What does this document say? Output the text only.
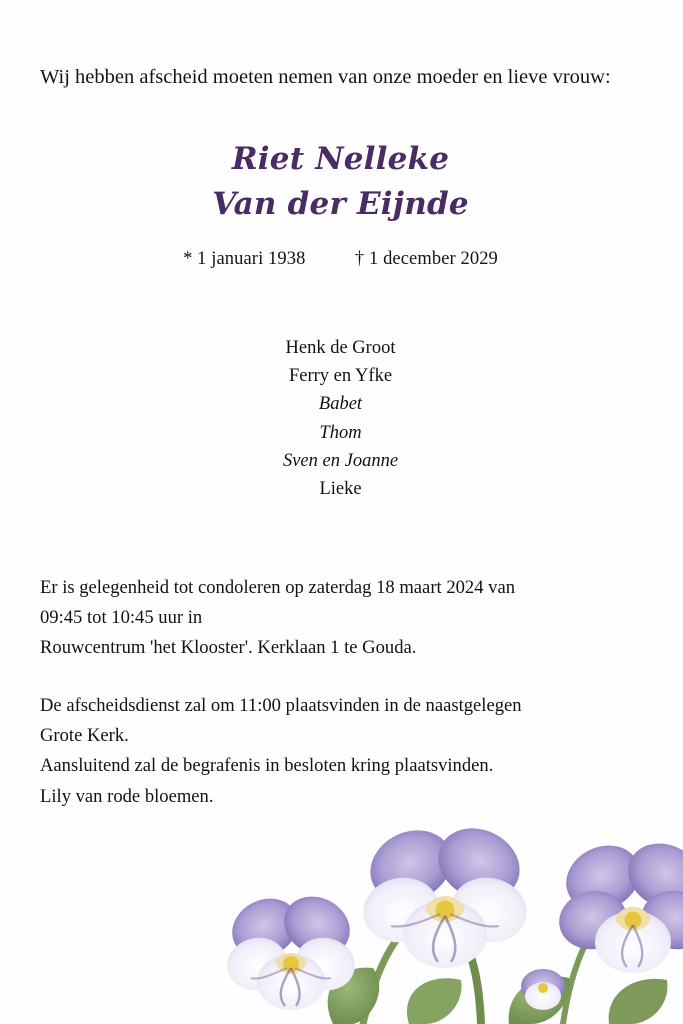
Wij hebben afscheid moeten nemen van onze moeder en lieve vrouw:

Riet Nelleke
Van der Eijnde
* 1 januari 1938	† 1 december 2029
Henk de Groot
Ferry en Yfke
Babet
Thom
Sven en Joanne
Lieke
Er is gelegenheid tot condoleren op zaterdag 18 maart 2024 van
09:45 tot 10:45 uur in
Rouwcentrum 'het Klooster'. Kerklaan 1 te Gouda.
De afscheidsdienst zal om 11:00 plaatsvinden in de naastgelegen
Grote Kerk.
Aansluitend zal de begrafenis in besloten kring plaatsvinden.
Lily van rode bloemen.
